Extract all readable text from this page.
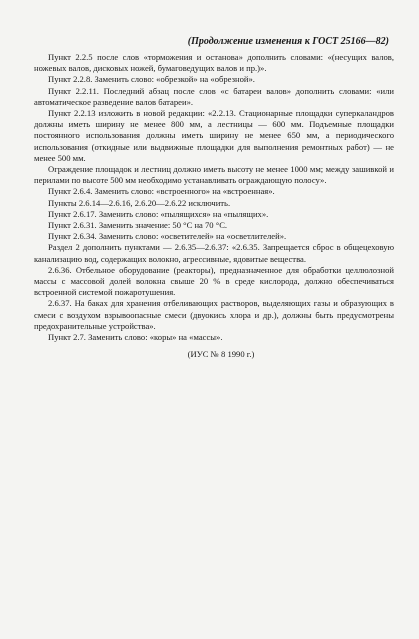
(Продолжение изменения к ГОСТ 25166—82)

Пункт 2.2.5 после слов «торможения и останова» дополнить словами: «(несущих валов, ножевых валов, дисковых ножей, бумаговедущих валов и пр.)».

Пункт 2.2.8. Заменить слово: «обрезкой» на «обрезной».

Пункт 2.2.11. Последний абзац после слов «с батареи валов» дополнить словами: «или автоматическое разведение валов батареи».

Пункт 2.2.13 изложить в новой редакции: «2.2.13. Стационарные площадки суперкаландров должны иметь ширину не менее 800 мм, а лестницы — 600 мм. Подъемные площадки постоянного использования должны иметь ширину не менее 650 мм, а периодического использования (откидные или выдвижные площадки для выполнения ремонтных работ) — не менее 500 мм.

Ограждение площадок и лестниц должно иметь высоту не менее 1000 мм; между зашивкой и перилами по высоте 500 мм необходимо устанавливать ограждающую полосу».

Пункт 2.6.4. Заменить слово: «встроенного» на «встроенная».

Пункты 2.6.14—2.6.16, 2.6.20—2.6.22 исключить.

Пункт 2.6.17. Заменить слово: «пылящихся» на «пылящих».

Пункт 2.6.31. Заменить значение: 50 °С на 70 °С.

Пункт 2.6.34. Заменить слово: «осветителей» на «осветлителей».

Раздел 2 дополнить пунктами — 2.6.35—2.6.37: «2.6.35. Запрещается сброс в общецеховую канализацию вод, содержащих волокно, агрессивные, ядовитые вещества.

2.6.36. Отбельное оборудование (реакторы), предназначенное для обработки целлюлозной массы с массовой долей волокна свыше 20 % в среде кислорода, должно обеспечиваться встроенной системой пожаротушения.

2.6.37. На баках для хранения отбеливающих растворов, выделяющих газы и образующих в смеси с воздухом взрывоопасные смеси (двуокись хлора и др.), должны быть предусмотрены предохранительные устройства».

Пункт 2.7. Заменить слово: «коры» на «массы».

(ИУС № 8 1990 г.)
